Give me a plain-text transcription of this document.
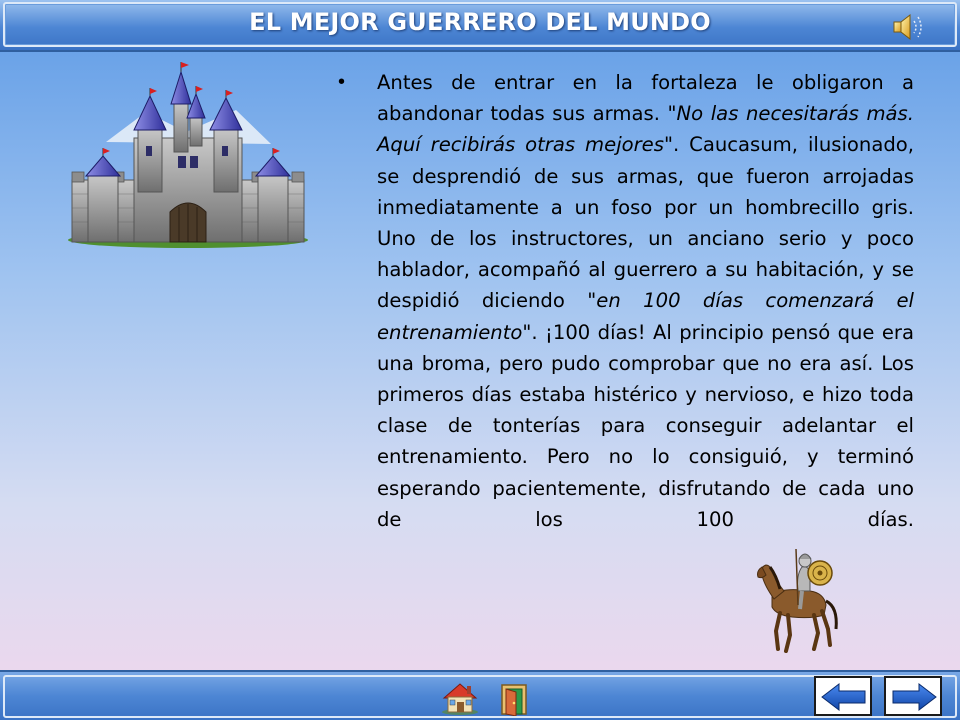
EL MEJOR GUERRERO DEL MUNDO
• Antes de entrar en la fortaleza le obligaron a abandonar todas sus armas. "No las necesitarás más. Aquí recibirás otras mejores". Caucasum, ilusionado, se desprendió de sus armas, que fueron arrojadas inmediatamente a un foso por un hombrecillo gris. Uno de los instructores, un anciano serio y poco hablador, acompañó al guerrero a su habitación, y se despidió diciendo "en 100 días comenzará el entrenamiento". ¡100 días! Al principio pensó que era una broma, pero pudo comprobar que no era así. Los primeros días estaba histérico y nervioso, e hizo toda clase de tonterías para conseguir adelantar el entrenamiento. Pero no lo consiguió, y terminó esperando pacientemente, disfrutando de cada uno de los 100 días.
